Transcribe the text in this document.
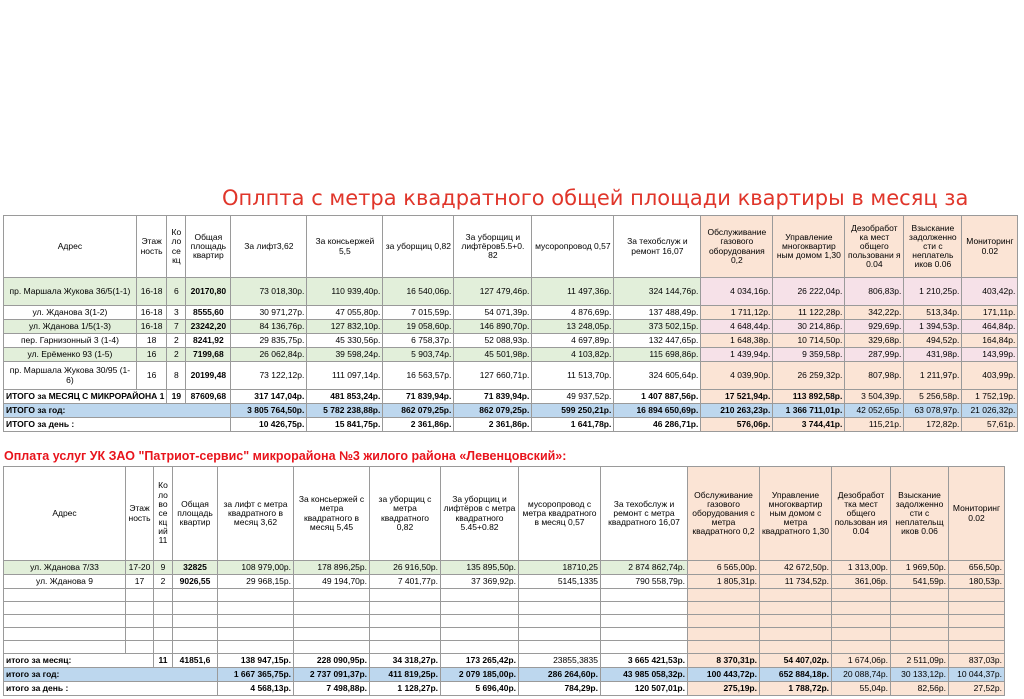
Оплпта с метра квадратного общей площади квартиры в месяц за
Адрес	Этаж ность	Ко ло се кц	Общая площадь квартир	За лифт3,62	За консьержей 5,5	за уборщиц 0,82	За уборщиц и лифтёров5.5+0. 82	мусоропровод 0,57	За техобслуж и ремонт 16,07	Обслуживание газового оборудования 0,2	Управление многоквартир ным домом 1,30	Дезобработ ка мест общего пользовани я 0.04	Взыскание задолженно сти с неплатель иков 0.06	Мониторинг 0.02
пр. Маршала Жукова 36/5(1-1)	16-18	6	20170,80	73 018,30р.	110 939,40р.	16 540,06р.	127 479,46р.	11 497,36р.	324 144,76р.	4 034,16р.	26 222,04р.	806,83р.	1 210,25р.	403,42р.
ул. Жданова 3(1-2)	16-18	3	8555,60	30 971,27р.	47 055,80р.	7 015,59р.	54 071,39р.	4 876,69р.	137 488,49р.	1 711,12р.	11 122,28р.	342,22р.	513,34р.	171,11р.
ул. Жданова 1/5(1-3)	16-18	7	23242,20	84 136,76р.	127 832,10р.	19 058,60р.	146 890,70р.	13 248,05р.	373 502,15р.	4 648,44р.	30 214,86р.	929,69р.	1 394,53р.	464,84р.
пер. Гарнизонный 3 (1-4)	18	2	8241,92	29 835,75р.	45 330,56р.	6 758,37р.	52 088,93р.	4 697,89р.	132 447,65р.	1 648,38р.	10 714,50р.	329,68р.	494,52р.	164,84р.
ул. Ерёменко 93 (1-5)	16	2	7199,68	26 062,84р.	39 598,24р.	5 903,74р.	45 501,98р.	4 103,82р.	115 698,86р.	1 439,94р.	9 359,58р.	287,99р.	431,98р.	143,99р.
пр. Маршала Жукова 30/95 (1-6)	16	8	20199,48	73 122,12р.	111 097,14р.	16 563,57р.	127 660,71р.	11 513,70р.	324 605,64р.	4 039,90р.	26 259,32р.	807,98р.	1 211,97р.	403,99р.
ИТОГО за МЕСЯЦ С МИКРОРАЙОНА 1		19	87609,68	317 147,04р.	481 853,24р.	71 839,94р.	71 839,94р.	49 937,52р.	1 407 887,56р.	17 521,94р.	113 892,58р.	3 504,39р.	5 256,58р.	1 752,19р.
ИТОГО за год:				3 805 764,50р.	5 782 238,88р.	862 079,25р.	862 079,25р.	599 250,21р.	16 894 650,69р.	210 263,23р.	1 366 711,01р.	42 052,65р.	63 078,97р.	21 026,32р.
ИТОГО за день :				10 426,75р.	15 841,75р.	2 361,86р.	2 361,86р.	1 641,78р.	46 286,71р.	576,06р.	3 744,41р.	115,21р.	172,82р.	57,61р.
Оплата услуг УК ЗАО "Патриот-сервис" микрорайона №3 жилого района «Левенцовский»:
Адрес	Этаж ность	Ко ло во се кц ий 11	Общая площадь квартир	за лифт с метра квадратного в месяц 3,62	За консьержей с метра квадратного в месяц 5,45	за уборщиц с метра квадратного 0,82	За уборщиц и лифтёров с метра квадратного 5.45+0.82	мусоропровод с метра квадратного в месяц 0,57	За техобслуж и ремонт с метра квадратного 16,07	Обслуживание газового оборудования с метра квадратного 0,2	Управление многоквартир ным домом с метра квадратного 1,30	Дезобработ тка мест общего пользован ия 0.04	Взыскание задолженно сти с неплательщ иков 0.06	Мониторинг 0.02
ул. Жданова 7/33	17-20	9	32825	108 979,00р.	178 896,25р.	26 916,50р.	135 895,50р.	18710,25	2 874 862,74р.	6 565,00р.	42 672,50р.	1 313,00р.	1 969,50р.	656,50р.
ул. Жданова 9	17	2	9026,55	29 968,15р.	49 194,70р.	7 401,77р.	37 369,92р.	5145,1335	790 558,79р.	1 805,31р.	11 734,52р.	361,06р.	541,59р.	180,53р.

итого за месяц:		11	41851,6	138 947,15р.	228 090,95р.	34 318,27р.	173 265,42р.	23855,3835	3 665 421,53р.	8 370,31р.	54 407,02р.	1 674,06р.	2 511,09р.	837,03р.
итого за год:				1 667 365,75р.	2 737 091,37р.	411 819,25р.	2 079 185,00р.	286 264,60р.	43 985 058,32р.	100 443,72р.	652 884,18р.	20 088,74р.	30 133,12р.	10 044,37р.
итого за день :				4 568,13р.	7 498,88р.	1 128,27р.	5 696,40р.	784,29р.	120 507,01р.	275,19р.	1 788,72р.	55,04р.	82,56р.	27,52р.
